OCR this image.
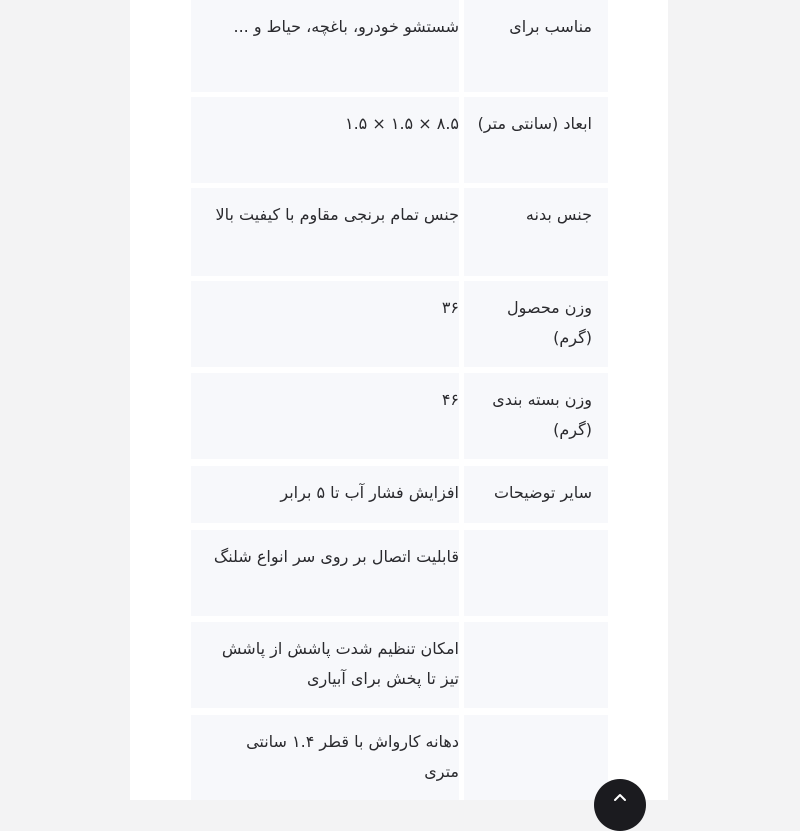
شستشو خودرو، باغچه، حیاط و ...	مناسب برای
۸.۵ × ۱.۵ × ۱.۵ ابعاد (سانتی متر)
جنس تمام برنجی مقاوم با کیفیت بالا	جنس بدنه
۳۶	وزن محصول (گرم)
۴۶	وزن بسته بندی (گرم)
افزایش فشار آب تا ۵ برابر	سایر توضیحات
قابلیت اتصال بر روی سر انواع شلنگ
امکان تنظیم شدت پاشش از پاشش تیز تا پخش برای آبیاری
دهانه کارواش با قطر ۱.۴ سانتی متری
